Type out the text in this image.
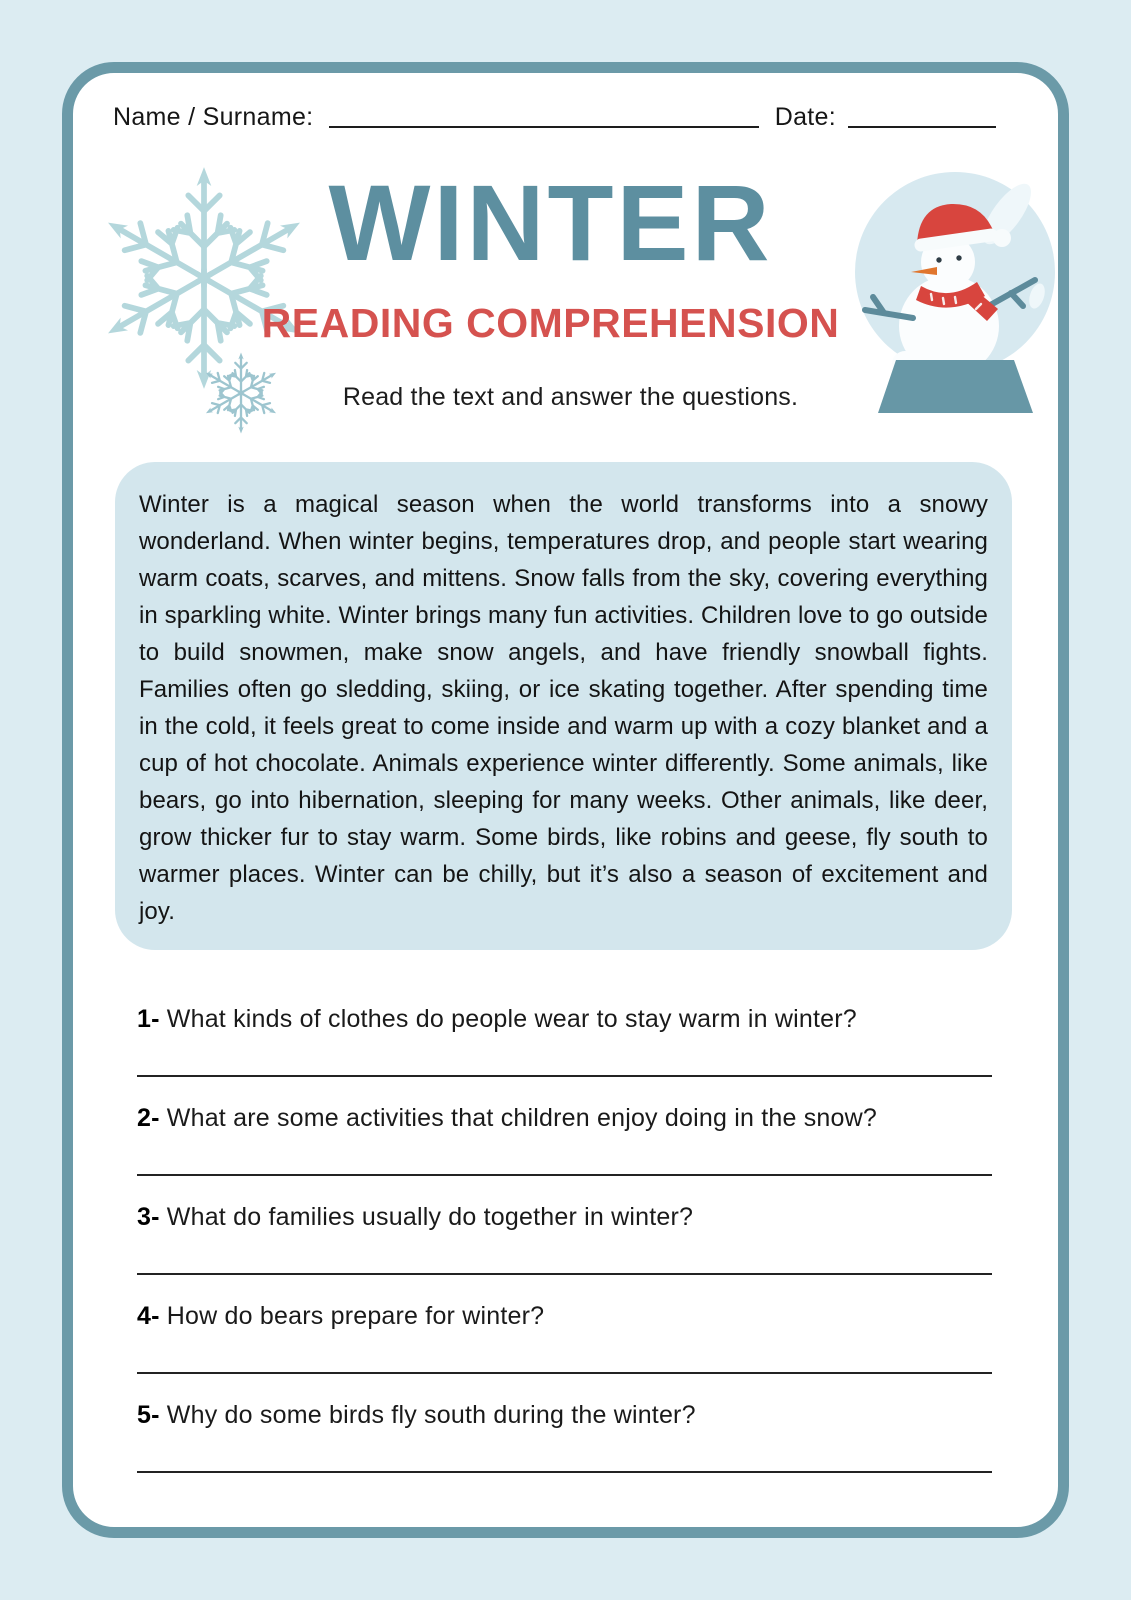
Name / Surname:	Date:
WINTER
READING COMPREHENSION
Read the text and answer the questions.

Winter is a magical season when the world transforms into a snowy wonderland. When winter begins, temperatures drop, and people start wearing warm coats, scarves, and mittens. Snow falls from the sky, covering everything in sparkling white. Winter brings many fun activities. Children love to go outside to build snowmen, make snow angels, and have friendly snowball fights. Families often go sledding, skiing, or ice skating together. After spending time in the cold, it feels great to come inside and warm up with a cozy blanket and a cup of hot chocolate. Animals experience winter differently. Some animals, like bears, go into hibernation, sleeping for many weeks. Other animals, like deer, grow thicker fur to stay warm. Some birds, like robins and geese, fly south to warmer places. Winter can be chilly, but it’s also a season of excitement and joy.

1- What kinds of clothes do people wear to stay warm in winter?

2- What are some activities that children enjoy doing in the snow?

3- What do families usually do together in winter?

4- How do bears prepare for winter?

5- Why do some birds fly south during the winter?
